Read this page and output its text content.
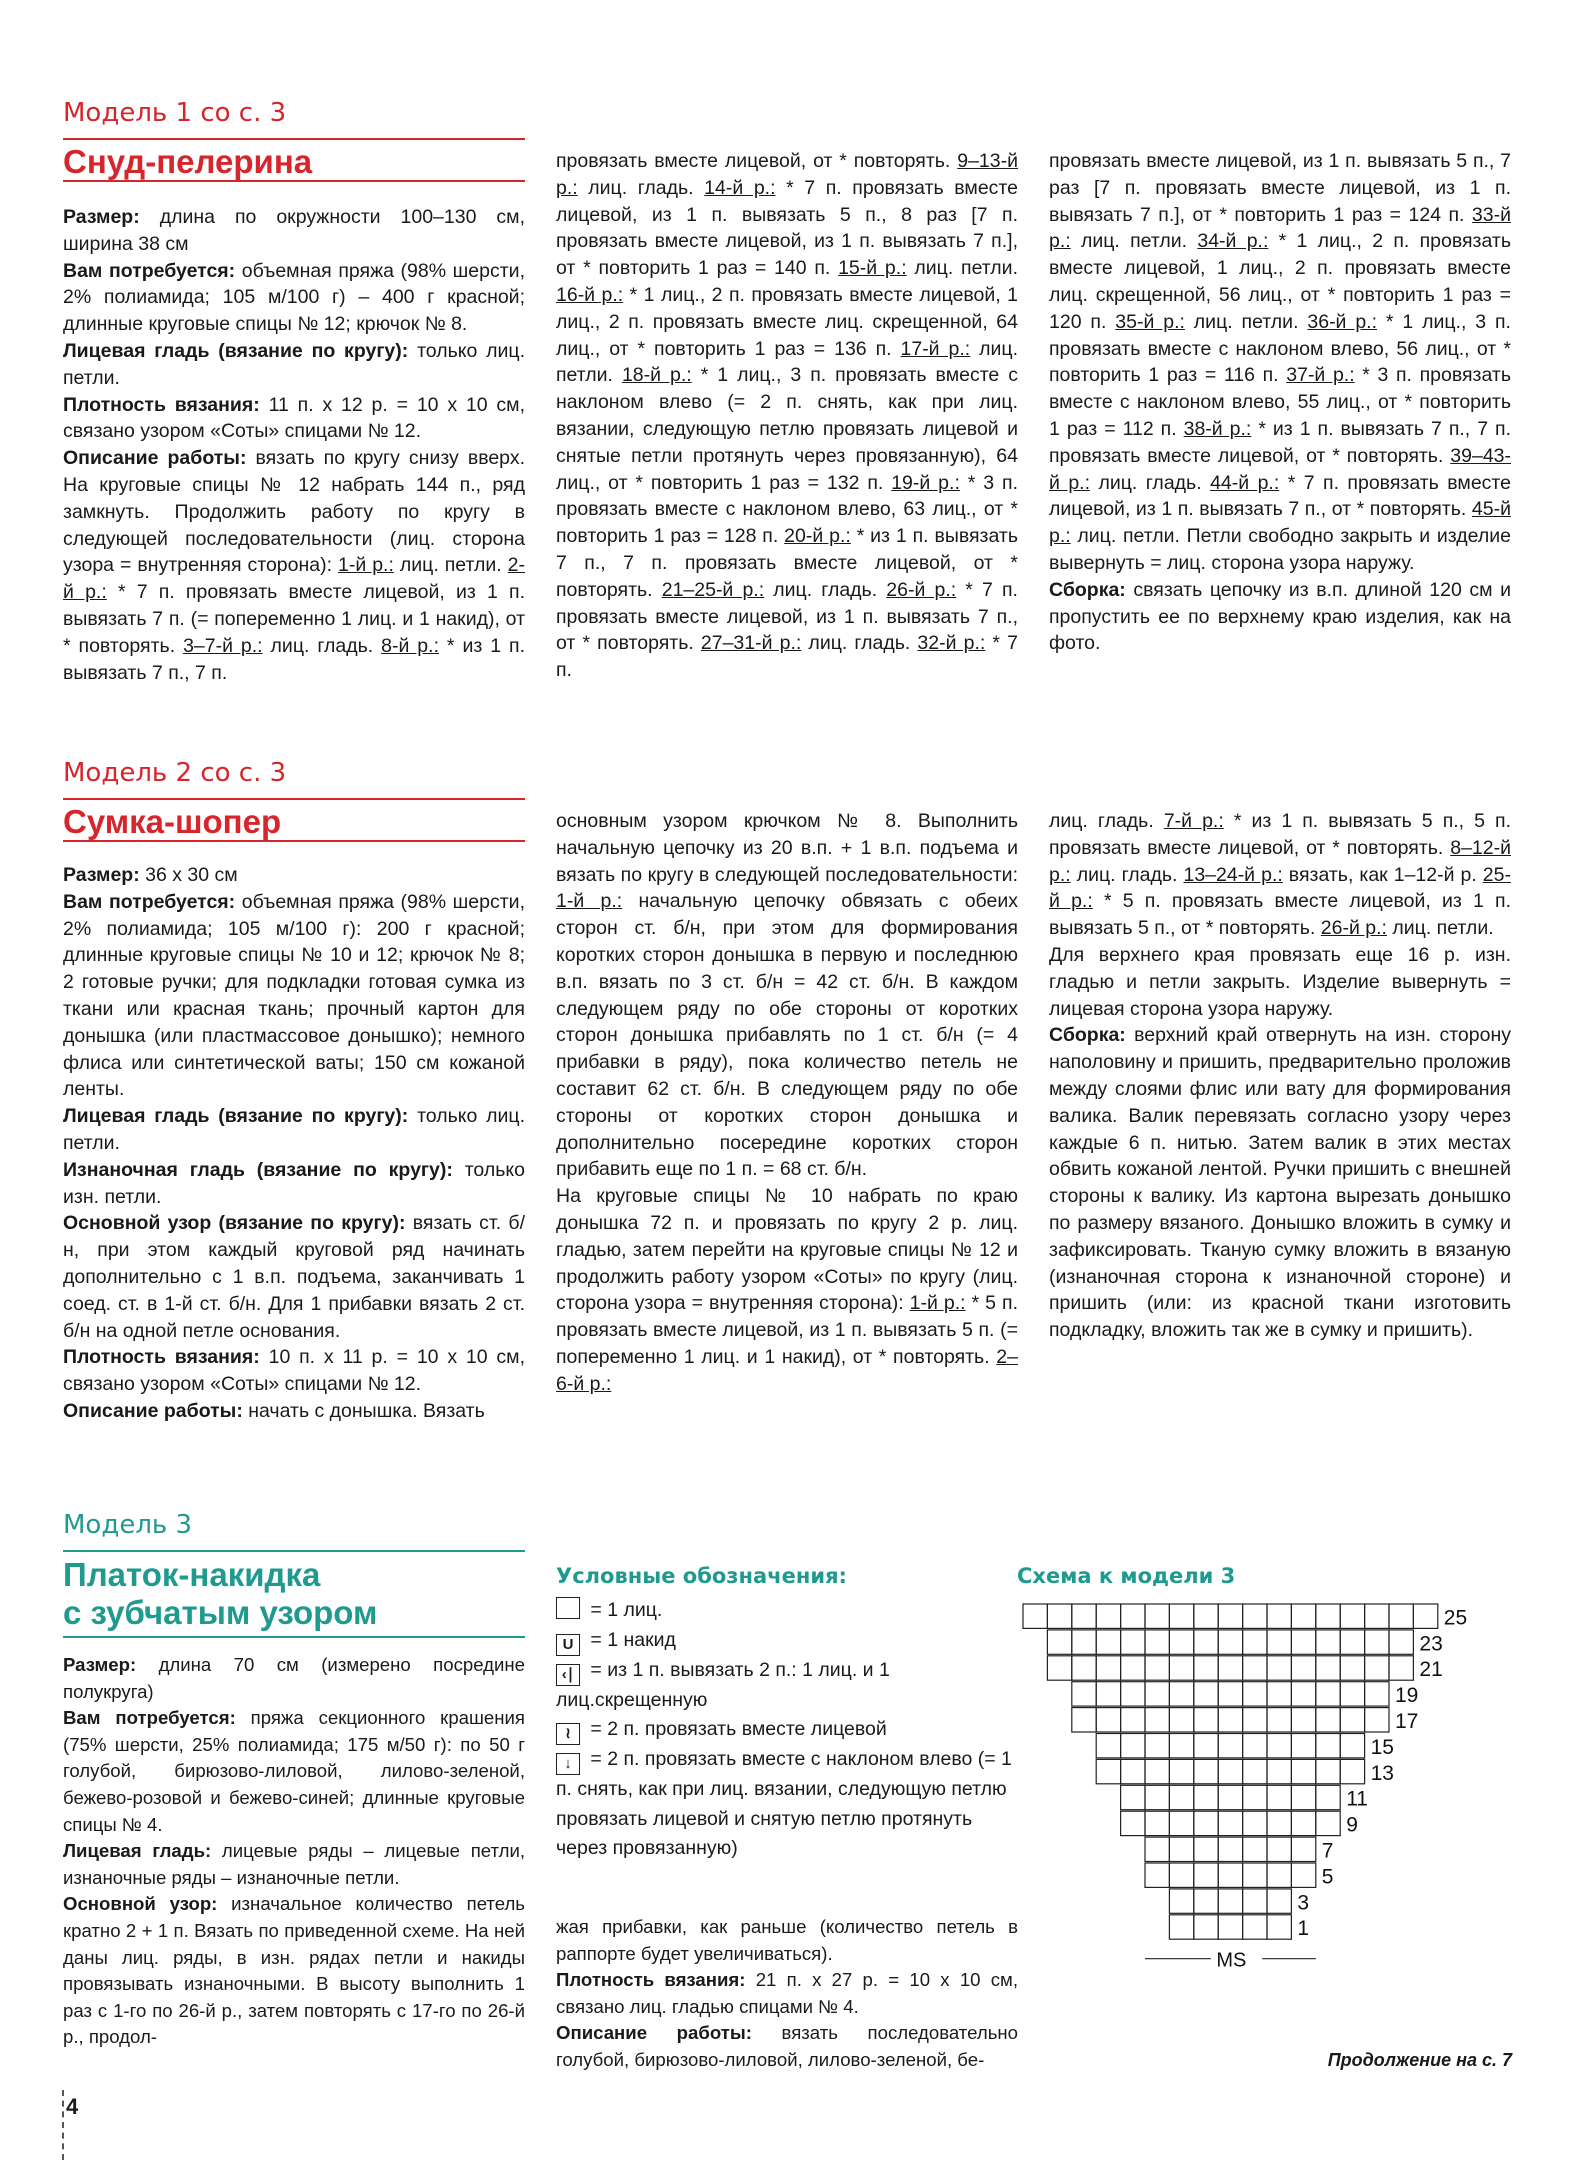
Модель 1 со с. 3
Снуд-пелерина

Размер: длина по окружности 100–130 см, ширина 38 см

Вам потребуется: объемная пряжа (98% шерсти, 2% полиамида; 105 м/100 г) – 400 г красной; длинные круговые спицы № 12; крючок № 8.

Лицевая гладь (вязание по кругу): только лиц. петли.

Плотность вязания: 11 п. х 12 р. = 10 х 10 см, связано узором «Соты» спицами № 12.

Описание работы: вязать по кругу снизу вверх. На круговые спицы № 12 набрать 144 п., ряд замкнуть. Продолжить работу по кругу в следующей последовательности (лиц. сторона узора = внутренняя сторона): 1-й р.: лиц. петли. 2-й р.: * 7 п. провязать вместе лицевой, из 1 п. вывязать 7 п. (= попеременно 1 лиц. и 1 накид), от * повторять. 3–7-й р.: лиц. гладь. 8-й р.: * из 1 п. вывязать 7 п., 7 п.

провязать вместе лицевой, от * повторять. 9–13-й р.: лиц. гладь. 14-й р.: * 7 п. провязать вместе лицевой, из 1 п. вывязать 5 п., 8 раз [7 п. провязать вместе лицевой, из 1 п. вывязать 7 п.], от * повторить 1 раз = 140 п. 15-й р.: лиц. петли. 16-й р.: * 1 лиц., 2 п. провязать вместе лицевой, 1 лиц., 2 п. провязать вместе лиц. скрещенной, 64 лиц., от * повторить 1 раз = 136 п. 17-й р.: лиц. петли. 18-й р.: * 1 лиц., 3 п. провязать вместе с наклоном влево (= 2 п. снять, как при лиц. вязании, следующую петлю провязать лицевой и снятые петли протянуть через провязанную), 64 лиц., от * повторить 1 раз = 132 п. 19-й р.: * 3 п. провязать вместе с наклоном влево, 63 лиц., от * повторить 1 раз = 128 п. 20-й р.: * из 1 п. вывязать 7 п., 7 п. провязать вместе лицевой, от * повторять. 21–25-й р.: лиц. гладь. 26-й р.: * 7 п. провязать вместе лицевой, из 1 п. вывязать 7 п., от * повторять. 27–31-й р.: лиц. гладь. 32-й р.: * 7 п.

провязать вместе лицевой, из 1 п. вывязать 5 п., 7 раз [7 п. провязать вместе лицевой, из 1 п. вывязать 7 п.], от * повторить 1 раз = 124 п. 33-й р.: лиц. петли. 34-й р.: * 1 лиц., 2 п. провязать вместе лицевой, 1 лиц., 2 п. провязать вместе лиц. скрещенной, 56 лиц., от * повторить 1 раз = 120 п. 35-й р.: лиц. петли. 36-й р.: * 1 лиц., 3 п. провязать вместе с наклоном влево, 56 лиц., от * повторить 1 раз = 116 п. 37-й р.: * 3 п. провязать вместе с наклоном влево, 55 лиц., от * повторить 1 раз = 112 п. 38-й р.: * из 1 п. вывязать 7 п., 7 п. провязать вместе лицевой, от * повторять. 39–43-й р.: лиц. гладь. 44-й р.: * 7 п. провязать вместе лицевой, из 1 п. вывязать 7 п., от * повторять. 45-й р.: лиц. петли. Петли свободно закрыть и изделие вывернуть = лиц. сторона узора наружу.

Сборка: связать цепочку из в.п. длиной 120 см и пропустить ее по верхнему краю изделия, как на фото.

Модель 2 со с. 3
Сумка-шопер

Размер: 36 х 30 см

Вам потребуется: объемная пряжа (98% шерсти, 2% полиамида; 105 м/100 г): 200 г красной; длинные круговые спицы № 10 и 12; крючок № 8; 2 готовые ручки; для подкладки готовая сумка из ткани или красная ткань; прочный картон для донышка (или пластмассовое донышко); немного флиса или синтетической ваты; 150 см кожаной ленты.

Лицевая гладь (вязание по кругу): только лиц. петли.

Изнаночная гладь (вязание по кругу): только изн. петли.

Основной узор (вязание по кругу): вязать ст. б/н, при этом каждый круговой ряд начинать дополнительно с 1 в.п. подъема, заканчивать 1 соед. ст. в 1-й ст. б/н. Для 1 прибавки вязать 2 ст. б/н на одной петле основания.

Плотность вязания: 10 п. х 11 р. = 10 х 10 см, связано узором «Соты» спицами № 12.

Описание работы: начать с донышка. Вязать

основным узором крючком № 8. Выполнить начальную цепочку из 20 в.п. + 1 в.п. подъема и вязать по кругу в следующей последовательности: 1-й р.: начальную цепочку обвязать с обеих сторон ст. б/н, при этом для формирования коротких сторон донышка в первую и последнюю в.п. вязать по 3 ст. б/н = 42 ст. б/н. В каждом следующем ряду по обе стороны от коротких сторон донышка прибавлять по 1 ст. б/н (= 4 прибавки в ряду), пока количество петель не составит 62 ст. б/н. В следующем ряду по обе стороны от коротких сторон донышка и дополнительно посередине коротких сторон прибавить еще по 1 п. = 68 ст. б/н.

На круговые спицы № 10 набрать по краю донышка 72 п. и провязать по кругу 2 р. лиц. гладью, затем перейти на круговые спицы № 12 и продолжить работу узором «Соты» по кругу (лиц. сторона узора = внутренняя сторона): 1-й р.: * 5 п. провязать вместе лицевой, из 1 п. вывязать 5 п. (= попеременно 1 лиц. и 1 накид), от * повторять. 2–6-й р.:

лиц. гладь. 7-й р.: * из 1 п. вывязать 5 п., 5 п. провязать вместе лицевой, от * повторять. 8–12-й р.: лиц. гладь. 13–24-й р.: вязать, как 1–12-й р. 25-й р.: * 5 п. провязать вместе лицевой, из 1 п. вывязать 5 п., от * повторять. 26-й р.: лиц. петли.

Для верхнего края провязать еще 16 р. изн. гладью и петли закрыть. Изделие вывернуть = лицевая сторона узора наружу.

Сборка: верхний край отвернуть на изн. сторону наполовину и пришить, предварительно проложив между слоями флис или вату для формирования валика. Валик перевязать согласно узору через каждые 6 п. нитью. Затем валик в этих местах обвить кожаной лентой. Ручки пришить с внешней стороны к валику. Из картона вырезать донышко по размеру вязаного. Донышко вложить в сумку и зафиксировать. Тканую сумку вложить в вязаную (изнаночная сторона к изнаночной стороне) и пришить (или: из красной ткани изготовить подкладку, вложить так же в сумку и пришить).

Модель 3
Платок-накидка
с зубчатым узором

Размер: длина 70 см (измерено посредине полукруга)

Вам потребуется: пряжа секционного крашения (75% шерсти, 25% полиамида; 175 м/50 г): по 50 г голубой, бирюзово-лиловой, лилово-зеленой, бежево-розовой и бежево-синей; длинные круговые спицы № 4.

Лицевая гладь: лицевые ряды – лицевые петли, изнаночные ряды – изнаночные петли.

Основной узор: изначальное количество петель кратно 2 + 1 п. Вязать по приведенной схеме. На ней даны лиц. ряды, в изн. рядах петли и накиды провязывать изнаночными. В высоту выполнить 1 раз с 1-го по 26-й р., затем повторять с 17-го по 26-й р., продол-

Условные обозначения:
= 1 лиц.
U = 1 накид
‹∣ = из 1 п. вывязать 2 п.: 1 лиц. и 1 лиц.скрещенную
≀ = 2 п. провязать вместе лицевой
↓ = 2 п. провязать вместе с наклоном влево (= 1 п. снять, как при лиц. вязании, следующую петлю провязать лицевой и снятую петлю протянуть через провязанную)

жая прибавки, как раньше (количество петель в раппорте будет увеличиваться).

Плотность вязания: 21 п. х 27 р. = 10 х 10 см, связано лиц. гладью спицами № 4.

Описание работы: вязать последовательно голубой, бирюзово-лиловой, лилово-зеленой, бе-

Схема к модели 3
25
23
21
19
17
15
13
11
9
7
5
3
1
MS
Продолжение на с. 7
4
